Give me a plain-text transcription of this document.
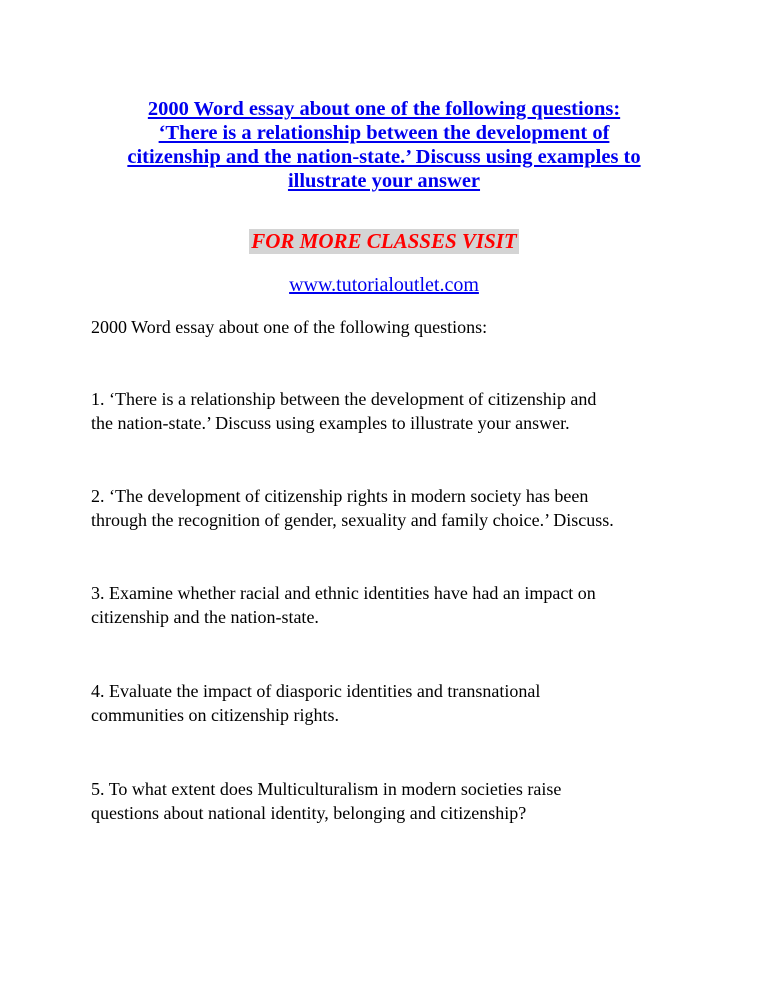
2000 Word essay about one of the following questions:
‘There is a relationship between the development of
citizenship and the nation-state.’ Discuss using examples to
illustrate your answer
FOR MORE CLASSES VISIT
www.tutorialoutlet.com
2000 Word essay about one of the following questions:
1. ‘There is a relationship between the development of citizenship and
the nation-state.’ Discuss using examples to illustrate your answer.
2. ‘The development of citizenship rights in modern society has been
through the recognition of gender, sexuality and family choice.’ Discuss.
3. Examine whether racial and ethnic identities have had an impact on
citizenship and the nation-state.
4. Evaluate the impact of diasporic identities and transnational
communities on citizenship rights.
5. To what extent does Multiculturalism in modern societies raise
questions about national identity, belonging and citizenship?
